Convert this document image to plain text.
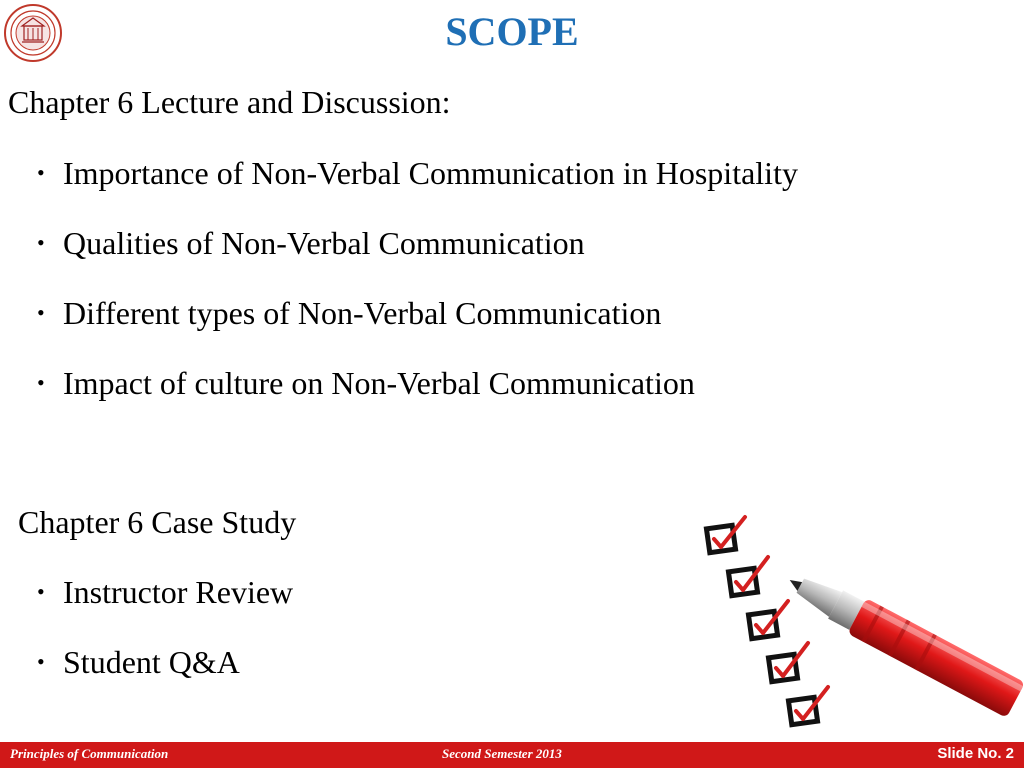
SCOPE
Chapter 6 Lecture and Discussion:
• Importance of Non-Verbal Communication in Hospitality
• Qualities of Non-Verbal Communication
• Different types of Non-Verbal Communication
• Impact of culture on Non-Verbal Communication
Chapter 6 Case Study
• Instructor Review
• Student Q&A
Principles of Communication	Second Semester 2013	Slide No. 2
